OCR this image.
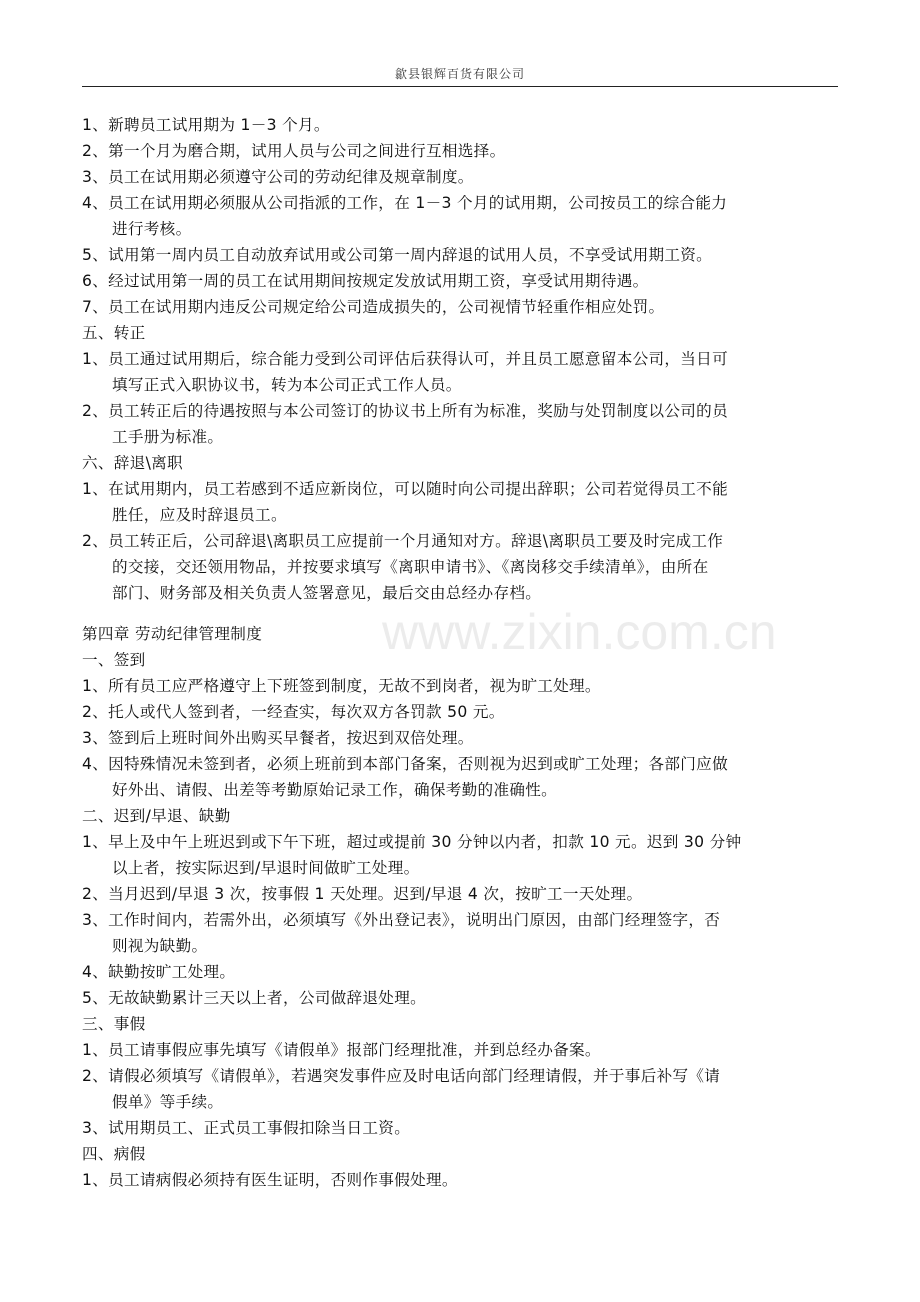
歙县银辉百货有限公司
www.zixin.com.cn
1、新聘员工试用期为 1－3 个月。
2、第一个月为磨合期，试用人员与公司之间进行互相选择。
3、员工在试用期必须遵守公司的劳动纪律及规章制度。
4、员工在试用期必须服从公司指派的工作，在 1－3 个月的试用期，公司按员工的综合能力
进行考核。
5、试用第一周内员工自动放弃试用或公司第一周内辞退的试用人员，不享受试用期工资。
6、经过试用第一周的员工在试用期间按规定发放试用期工资，享受试用期待遇。
7、员工在试用期内违反公司规定给公司造成损失的，公司视情节轻重作相应处罚。
五、转正
1、员工通过试用期后，综合能力受到公司评估后获得认可，并且员工愿意留本公司，当日可
填写正式入职协议书，转为本公司正式工作人员。
2、员工转正后的待遇按照与本公司签订的协议书上所有为标准，奖励与处罚制度以公司的员
工手册为标准。
六、辞退\离职
1、在试用期内，员工若感到不适应新岗位，可以随时向公司提出辞职；公司若觉得员工不能
胜任，应及时辞退员工。
2、员工转正后，公司辞退\离职员工应提前一个月通知对方。辞退\离职员工要及时完成工作
的交接，交还领用物品，并按要求填写《离职申请书》、《离岗移交手续清单》，由所在
部门、财务部及相关负责人签署意见，最后交由总经办存档。
第四章 劳动纪律管理制度
一、签到
1、所有员工应严格遵守上下班签到制度，无故不到岗者，视为旷工处理。
2、托人或代人签到者，一经查实，每次双方各罚款 50 元。
3、签到后上班时间外出购买早餐者，按迟到双倍处理。
4、因特殊情况未签到者，必须上班前到本部门备案，否则视为迟到或旷工处理；各部门应做
好外出、请假、出差等考勤原始记录工作，确保考勤的准确性。
二、迟到/早退、缺勤
1、早上及中午上班迟到或下午下班，超过或提前 30 分钟以内者，扣款 10 元。迟到 30 分钟
以上者，按实际迟到/早退时间做旷工处理。
2、当月迟到/早退 3 次，按事假 1 天处理。迟到/早退 4 次，按旷工一天处理。
3、工作时间内，若需外出，必须填写《外出登记表》，说明出门原因，由部门经理签字，否
则视为缺勤。
4、缺勤按旷工处理。
5、无故缺勤累计三天以上者，公司做辞退处理。
三、事假
1、员工请事假应事先填写《请假单》报部门经理批准，并到总经办备案。
2、请假必须填写《请假单》，若遇突发事件应及时电话向部门经理请假，并于事后补写《请
假单》等手续。
3、试用期员工、正式员工事假扣除当日工资。
四、病假
1、员工请病假必须持有医生证明，否则作事假处理。
